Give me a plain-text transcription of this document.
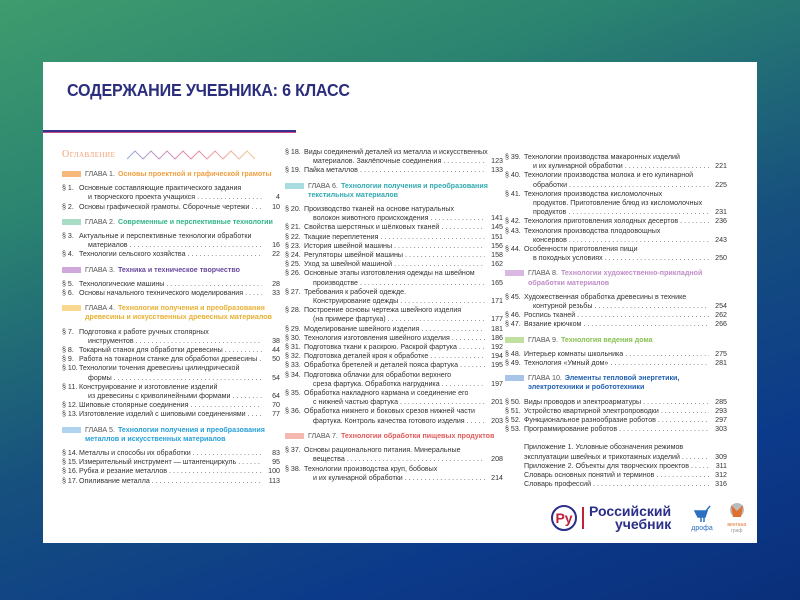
СОДЕРЖАНИЕ УЧЕБНИКА: 6 КЛАСС
Оглавление
ГЛАВА 1. Основы проектной и графической грамоты
§ 1. Основные составляющие практического задания
и творческого проекта учащихся . . .	4
§ 2. Основы графической грамоты. Сборочные чертежи . . .	10
ГЛАВА 2. Современные и перспективные технологии
§ 3. Актуальные и перспективные технологии обработки
материалов . . .	16
§ 4. Технологии сельского хозяйства . . .	22
ГЛАВА 3. Техника и техническое творчество
§ 5. Технологические машины . . .	28
§ 6. Основы начального технического моделирования . . .	33
ГЛАВА 4. Технологии получения и преобразования древесины и искусственных древесных материалов
§ 7. Подготовка к работе ручных столярных
инструментов . . .	38
§ 8. Токарный станок для обработки древесины . . .	44
§ 9. Работа на токарном станке для обработки древесины . . .	50
§ 10. Технологии точения древесины цилиндрической
формы . . .	54
§ 11. Конструирование и изготовление изделий
из древесины с криволинейными формами . . .	64
§ 12. Шиповые столярные соединения . . .	70
§ 13. Изготовление изделий с шиповыми соединениями . . .	77
ГЛАВА 5. Технологии получения и преобразования металлов и искусственных материалов
§ 14. Металлы и способы их обработки . . .	83
§ 15. Измерительный инструмент — штангенциркуль . . .	95
§ 16. Рубка и резание металлов . . .	100
§ 17. Опиливание металла . . .	113
§ 18. Виды соединений деталей из металла и искусственных
материалов. Заклёпочные соединения . . .	123
§ 19. Пайка металлов . . .	133
ГЛАВА 6. Технологии получения и преобразования текстильных материалов
§ 20. Производство тканей на основе натуральных
волокон животного происхождения . . .	141
§ 21. Свойства шерстяных и шёлковых тканей . . .	145
§ 22. Ткацкие переплетения . . .	151
§ 23. История швейной машины . . .	156
§ 24. Регуляторы швейной машины . . .	158
§ 25. Уход за швейной машиной . . .	162
§ 26. Основные этапы изготовления одежды на швейном
производстве . . .	165
§ 27. Требования к рабочей одежде.
Конструирование одежды . . .	171
§ 28. Построение основы чертежа швейного изделия
(на примере фартука) . . .	177
§ 29. Моделирование швейного изделия . . .	181
§ 30. Технология изготовления швейного изделия . . .	186
§ 31. Подготовка ткани к раскрою. Раскрой фартука . . .	192
§ 32. Подготовка деталей кроя к обработке . . .	194
§ 33. Обработка бретелей и деталей пояса фартука . . .	195
§ 34. Подготовка облачки для обработки верхнего
среза фартука. Обработка нагрудника . . .	197
§ 35. Обработка накладного кармана и соединение его
с нижней частью фартука . . .	201
§ 36. Обработка нижнего и боковых срезов нижней части
фартука. Контроль качества готового изделия . . .	203
ГЛАВА 7. Технологии обработки пищевых продуктов
§ 37. Основы рационального питания. Минеральные
вещества . . .	208
§ 38. Технологии производства круп, бобовых
и их кулинарной обработки . . .	214
§ 39. Технологии производства макаронных изделий
и их кулинарной обработки . . .	221
§ 40. Технологии производства молока и его кулинарной
обработки . . .	225
§ 41. Технология производства кисломолочных
продуктов. Приготовление блюд из кисломолочных
продуктов . . .	231
§ 42. Технология приготовления холодных десертов . . .	236
§ 43. Технология производства плодоовощных
консервов . . .	243
§ 44. Особенности приготовления пищи
в походных условиях . . .	250
ГЛАВА 8. Технологии художественно-прикладной обработки материалов
§ 45. Художественная обработка древесины в технике
контурной резьбы . . .	254
§ 46. Роспись тканей . . .	262
§ 47. Вязание крючком . . .	266
ГЛАВА 9. Технология ведения дома
§ 48. Интерьер комнаты школьника . . .	275
§ 49. Технология «Умный дом» . . .	281
ГЛАВА 10. Элементы тепловой энергетики, электротехники и робототехники
§ 50. Виды проводов и электроарматуры . . .	285
§ 51. Устройство квартирной электропроводки . . .	293
§ 52. Функциональное разнообразие роботов . . .	297
§ 53. Программирование роботов . . .	303
Приложение 1. Условные обозначения режимов
эксплуатации швейных и трикотажных изделий . . .	309
Приложение 2. Объекты для творческих проектов . . .	311
Словарь основных понятий и терминов . . .	312
Словарь профессий . . .	316
Ру	Российский
учебник	дрофа	вентана
граф
